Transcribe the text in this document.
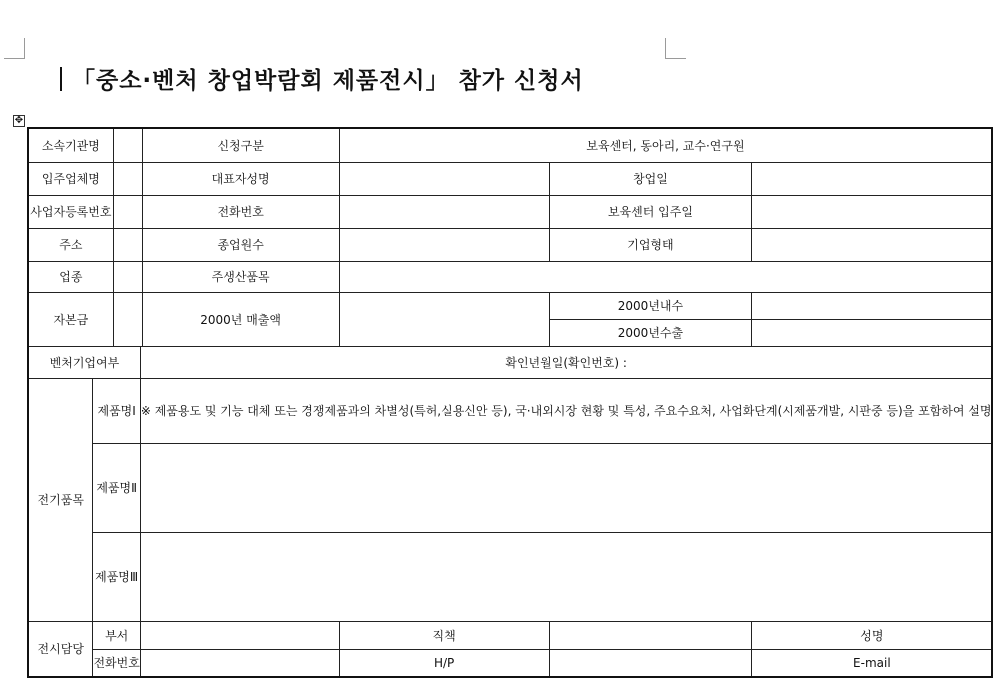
「중소·벤처 창업박람회 제품전시」 참가 신청서
✥
소속기관명				신청구분	보육센터, 동아리, 교수·연구원		
입주업체명				대표자성명		창업일	
사업자등록번호				전화번호		보육센터 입주일	
주소				종업원수		기업형태	
업종				주생산품목			
자본금				2000년 매출액		2000년내수	
						2000년수출	
벤처기업여부			확인년월일(확인번호) :				
전기품목	제품명Ⅰ		※ 제품용도 및 기능 대체 또는 경쟁제품과의 차별성(특허,실용신안 등), 국·내외시장 현황 및 특성, 주요수요처, 사업화단계(시제품개발, 시판중 등)을 포함하여 설명				
	제품명Ⅱ						
	제품명Ⅲ						
전시담당	부서				직책		성명
	전화번호				H/P		E-mail
